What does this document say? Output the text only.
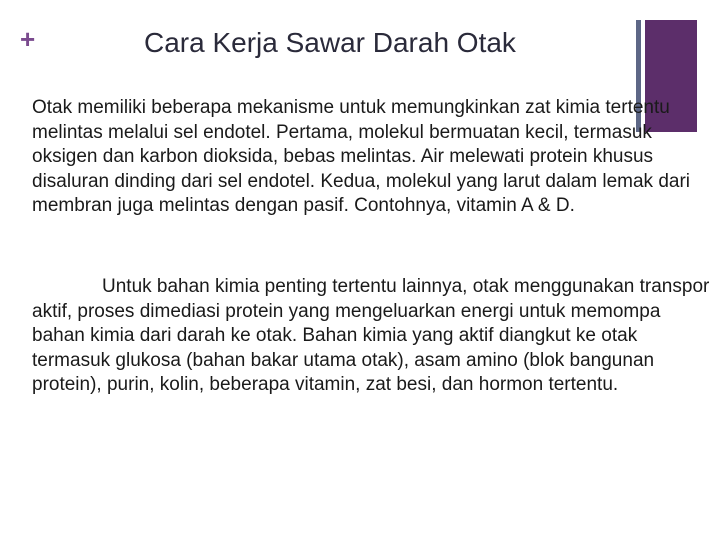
+	Cara Kerja Sawar Darah Otak

Otak memiliki beberapa mekanisme untuk memungkinkan zat kimia tertentu melintas melalui sel endotel. Pertama, molekul bermuatan kecil, termasuk oksigen dan karbon dioksida, bebas melintas. Air melewati protein khusus disaluran dinding dari sel endotel. Kedua, molekul yang larut dalam lemak dari membran juga melintas dengan pasif. Contohnya, vitamin A & D.

Untuk bahan kimia penting tertentu lainnya, otak menggunakan transpor aktif, proses dimediasi protein yang mengeluarkan energi untuk memompa bahan kimia dari darah ke otak. Bahan kimia yang aktif diangkut ke otak termasuk glukosa (bahan bakar utama otak), asam amino (blok bangunan protein), purin, kolin, beberapa vitamin, zat besi, dan hormon tertentu.
